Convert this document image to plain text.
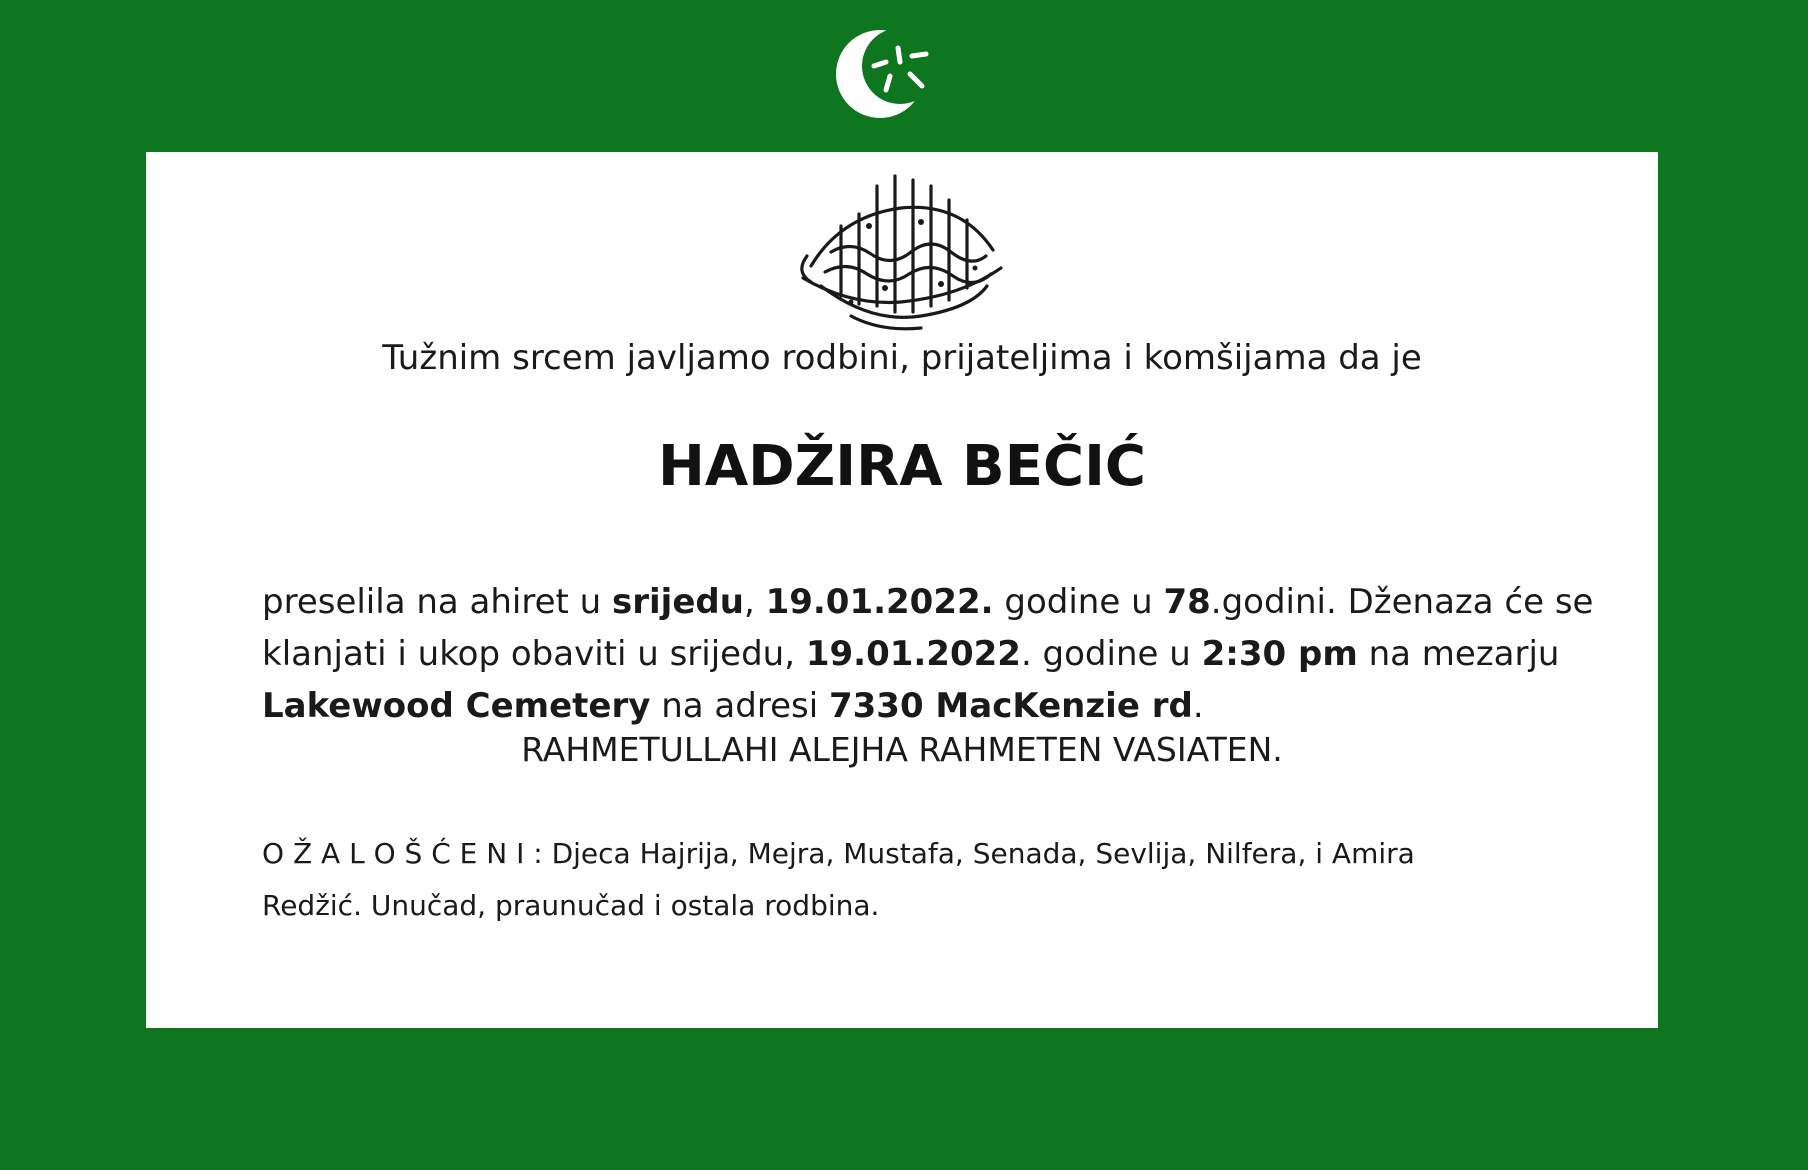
Tužnim srcem javljamo rodbini, prijateljima i komšijama da je
HADŽIRA BEČIĆ
preselila na ahiret u srijedu, 19.01.2022. godine u 78.godini. Dženaza će se
klanjati i ukop obaviti u srijedu, 19.01.2022. godine u 2:30 pm na mezarju
Lakewood Cemetery na adresi 7330 MacKenzie rd.
RAHMETULLAHI ALEJHA RAHMETEN VASIATEN.
O Ž A L O Š Ć E N I : Djeca Hajrija, Mejra, Mustafa, Senada, Sevlija, Nilfera, i Amira
Redžić. Unučad, praunučad i ostala rodbina.
